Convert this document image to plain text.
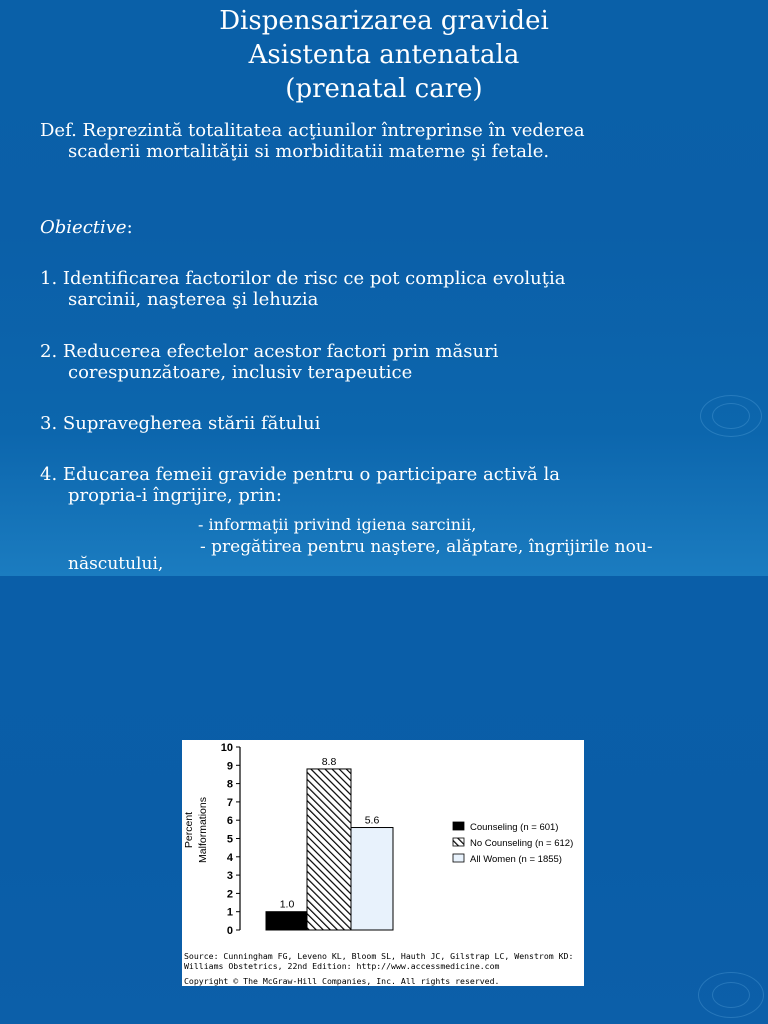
Dispensarizarea gravidei
Asistenta antenatala
(prenatal care)
Def. Reprezintă totalitatea acţiunilor întreprinse în vederea
scaderii mortalităţii si morbiditatii materne şi fetale.
Obiective:
1. Identificarea factorilor de risc ce pot complica evoluţia
sarcinii, naşterea şi lehuzia
2. Reducerea efectelor acestor factori prin măsuri
corespunzătoare, inclusiv terapeutice
3. Supravegherea stării fătului
4. Educarea femeii gravide pentru o participare activă la
propria-i îngrijire, prin:
- informaţii privind igiena sarcinii,
- pregătirea pentru naştere, alăptare, îngrijirile nou-
născutului,
0
1
2
3
4
5
6
7
8
9
10
Percent Malformations
1.0
8.8
5.6
Counseling (n = 601)
No Counseling (n = 612)
All Women (n = 1855)
Source: Cunningham FG, Leveno KL, Bloom SL, Hauth JC, Gilstrap LC, Wenstrom KD:
Williams Obstetrics, 22nd Edition: http://www.accessmedicine.com
Copyright © The McGraw-Hill Companies, Inc. All rights reserved.
